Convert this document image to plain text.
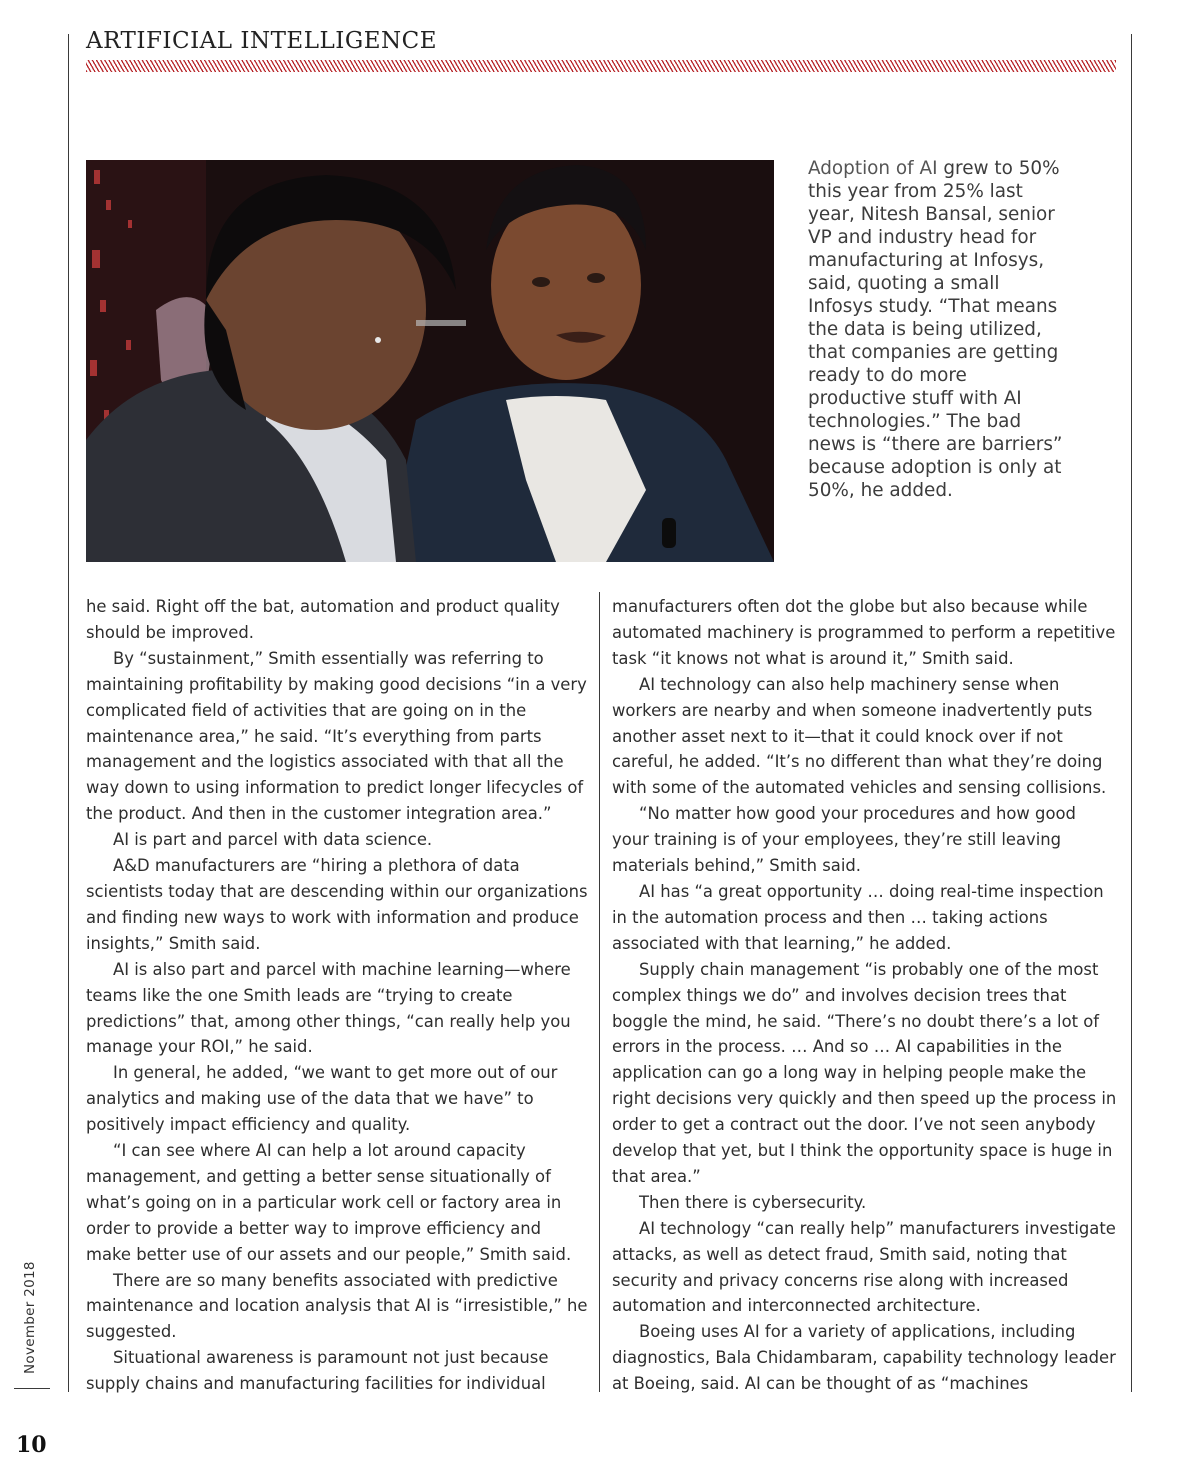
ARTIFICIAL INTELLIGENCE
Adoption of AI grew to 50% this year from 25% last year, Nitesh Bansal, senior VP and industry head for manufacturing at Infosys, said, quoting a small Infosys study. “That means the data is being utilized, that companies are getting ready to do more productive stuff with AI technologies.” The bad news is “there are barriers” because adoption is only at 50%, he added.

he said. Right off the bat, automation and product quality should be improved.

By “sustainment,” Smith essentially was referring to maintaining profitability by making good decisions “in a very complicated field of activities that are going on in the maintenance area,” he said. “It’s everything from parts management and the logistics associated with that all the way down to using information to predict longer lifecycles of the product. And then in the customer integration area.”

AI is part and parcel with data science.

A&D manufacturers are “hiring a plethora of data scientists today that are descending within our organizations and finding new ways to work with information and produce insights,” Smith said.

AI is also part and parcel with machine learning—where teams like the one Smith leads are “trying to create predictions” that, among other things, “can really help you manage your ROI,” he said.

In general, he added, “we want to get more out of our analytics and making use of the data that we have” to positively impact efficiency and quality.

“I can see where AI can help a lot around capacity management, and getting a better sense situationally of what’s going on in a particular work cell or factory area in order to provide a better way to improve efficiency and make better use of our assets and our people,” Smith said.

There are so many benefits associated with predictive maintenance and location analysis that AI is “irresistible,” he suggested.

Situational awareness is paramount not just because supply chains and manufacturing facilities for individual

manufacturers often dot the globe but also because while automated machinery is programmed to perform a repetitive task “it knows not what is around it,” Smith said.

AI technology can also help machinery sense when workers are nearby and when someone inadvertently puts another asset next to it—that it could knock over if not careful, he added. “It’s no different than what they’re doing with some of the automated vehicles and sensing collisions.

“No matter how good your procedures and how good your training is of your employees, they’re still leaving materials behind,” Smith said.

AI has “a great opportunity … doing real-time inspection in the automation process and then … taking actions associated with that learning,” he added.

Supply chain management “is probably one of the most complex things we do” and involves decision trees that boggle the mind, he said. “There’s no doubt there’s a lot of errors in the process. … And so … AI capabilities in the application can go a long way in helping people make the right decisions very quickly and then speed up the process in order to get a contract out the door. I’ve not seen anybody develop that yet, but I think the opportunity space is huge in that area.”

Then there is cybersecurity.

AI technology “can really help” manufacturers investigate attacks, as well as detect fraud, Smith said, noting that security and privacy concerns rise along with increased automation and interconnected architecture.

Boeing uses AI for a variety of applications, including diagnostics, Bala Chidambaram, capability technology leader at Boeing, said. AI can be thought of as “machines

November 2018
10
